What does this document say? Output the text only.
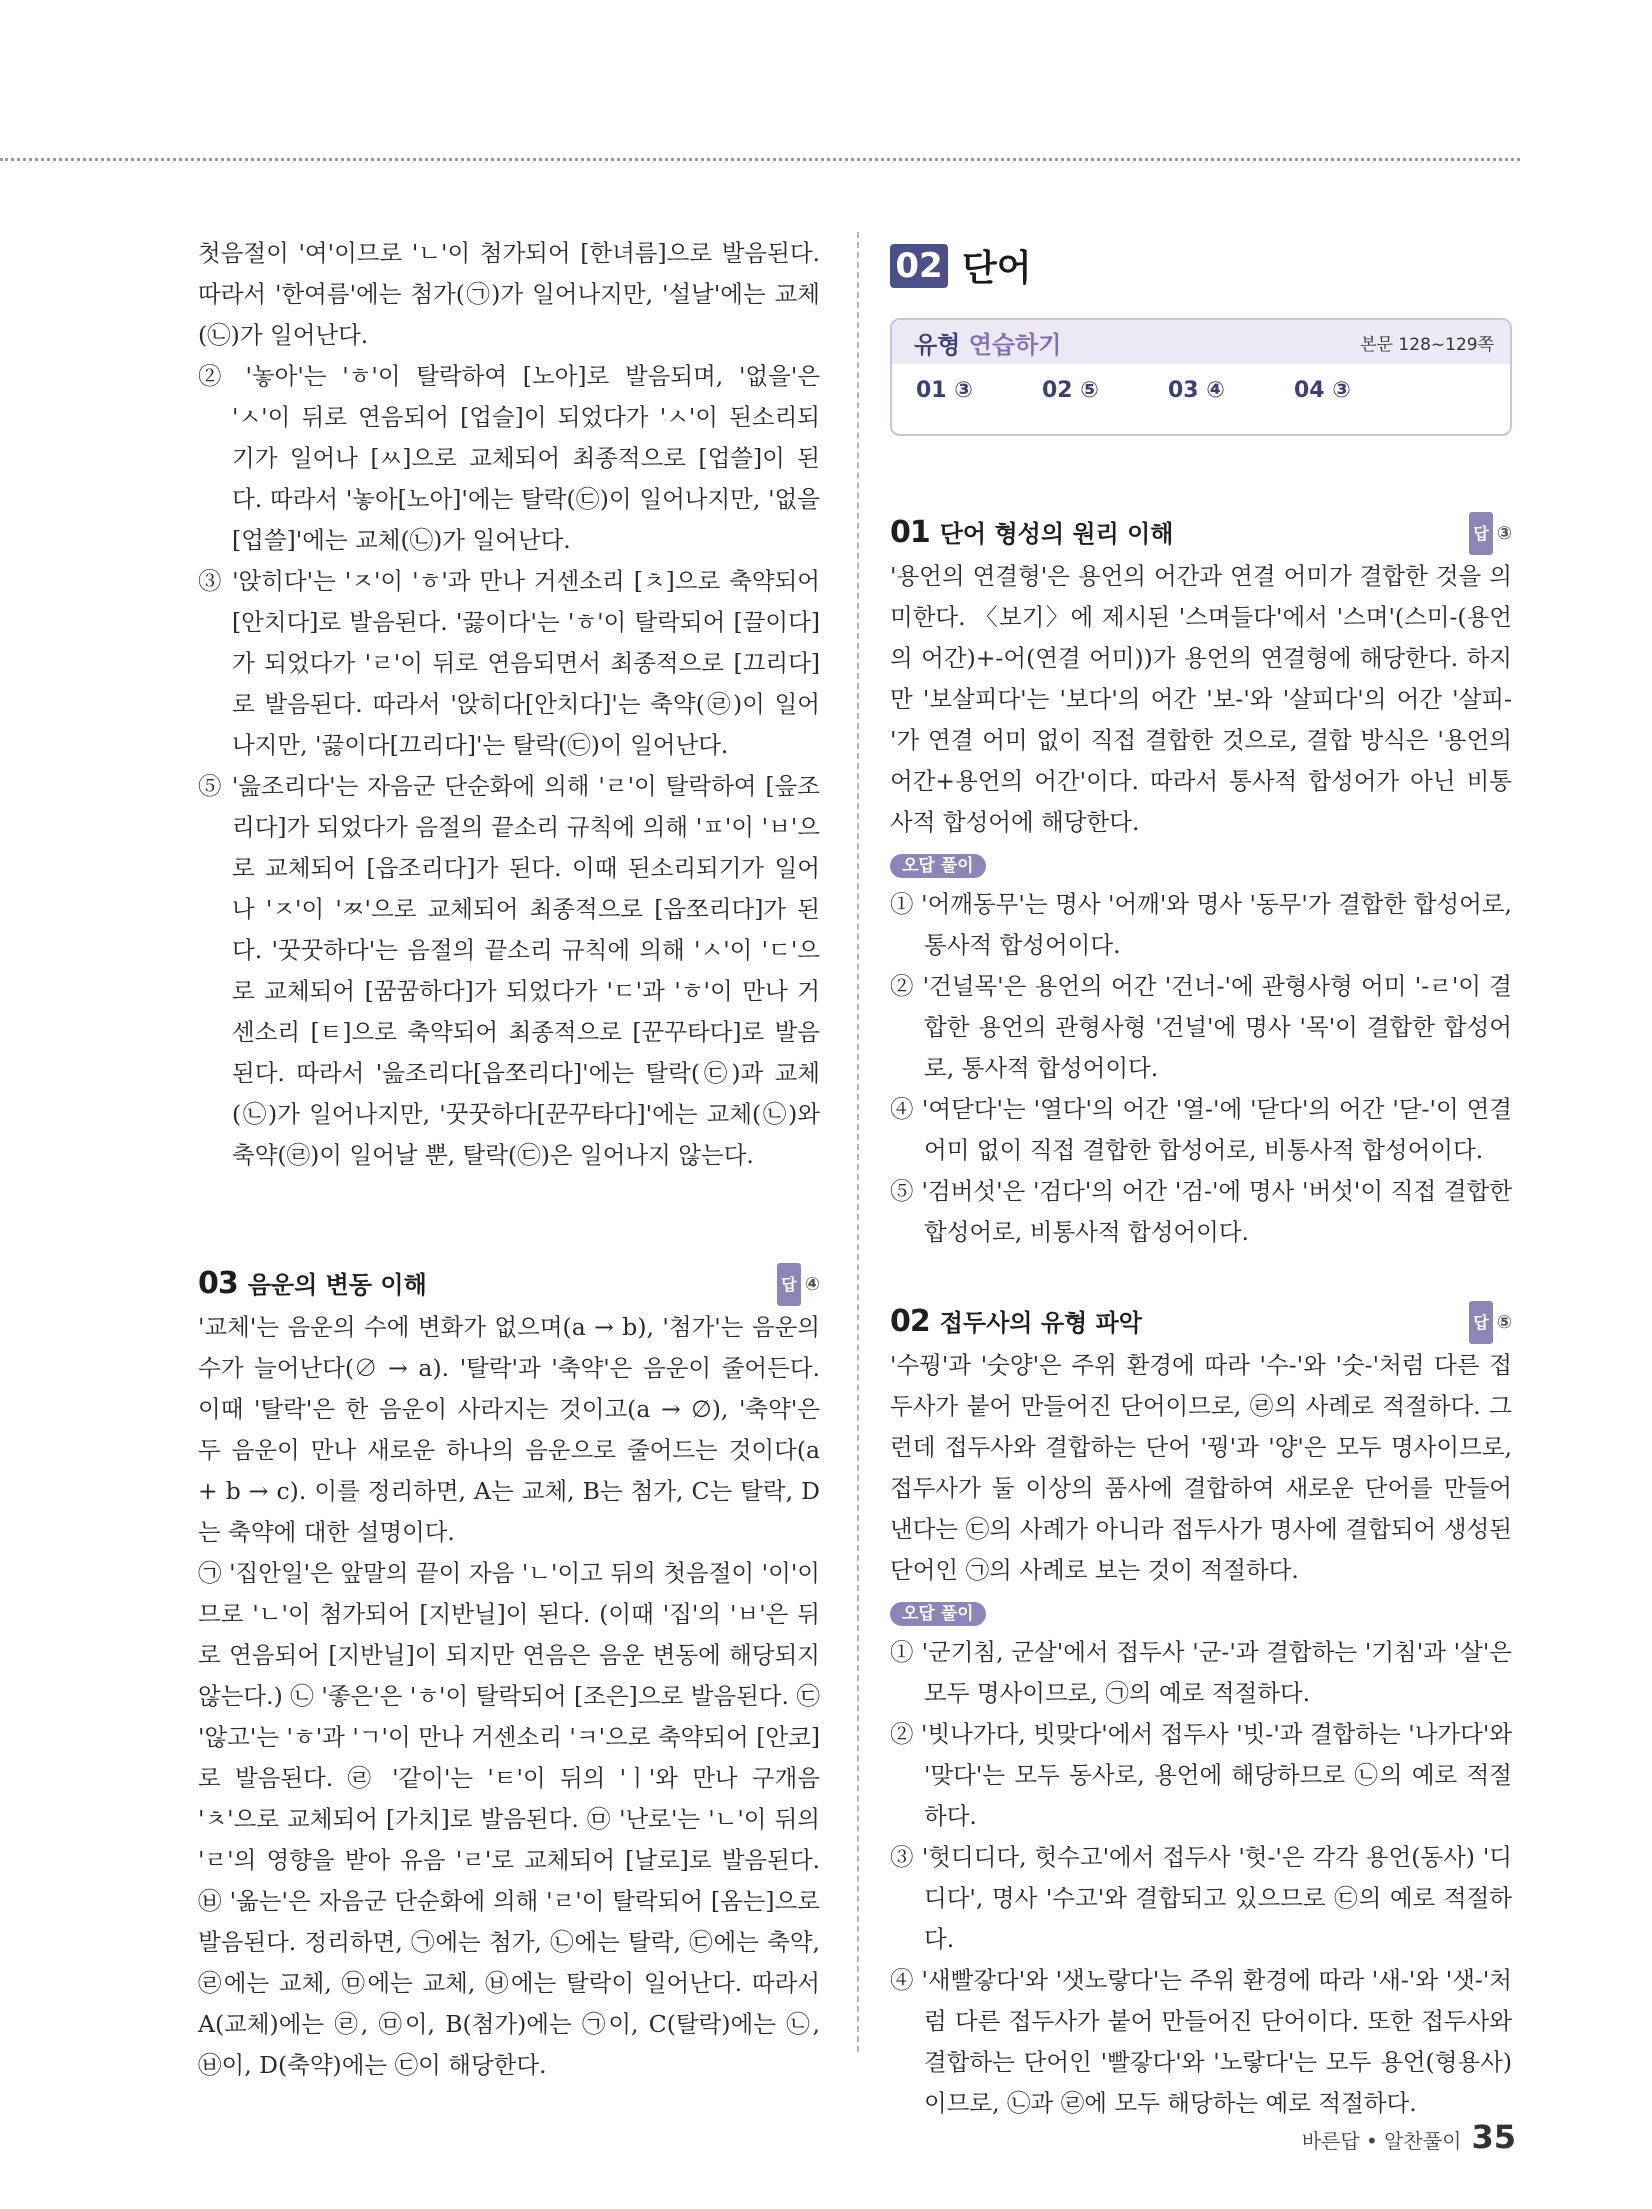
첫음절이 '여'이므로 'ㄴ'이 첨가되어 [한녀름]으로 발음된다. 따라서 '한여름'에는 첨가(㉠)가 일어나지만, '설날'에는 교체(㉡)가 일어난다.

② '놓아'는 'ㅎ'이 탈락하여 [노아]로 발음되며, '없을'은 'ㅅ'이 뒤로 연음되어 [업슬]이 되었다가 'ㅅ'이 된소리되기가 일어나 [ㅆ]으로 교체되어 최종적으로 [업쓸]이 된다. 따라서 '놓아[노아]'에는 탈락(㉢)이 일어나지만, '없을[업쓸]'에는 교체(㉡)가 일어난다.

③ '앉히다'는 'ㅈ'이 'ㅎ'과 만나 거센소리 [ㅊ]으로 축약되어 [안치다]로 발음된다. '끓이다'는 'ㅎ'이 탈락되어 [끌이다]가 되었다가 'ㄹ'이 뒤로 연음되면서 최종적으로 [끄리다]로 발음된다. 따라서 '앉히다[안치다]'는 축약(㉣)이 일어나지만, '끓이다[끄리다]'는 탈락(㉢)이 일어난다.

⑤ '읊조리다'는 자음군 단순화에 의해 'ㄹ'이 탈락하여 [읖조리다]가 되었다가 음절의 끝소리 규칙에 의해 'ㅍ'이 'ㅂ'으로 교체되어 [읍조리다]가 된다. 이때 된소리되기가 일어나 'ㅈ'이 'ㅉ'으로 교체되어 최종적으로 [읍쪼리다]가 된다. '꿋꿋하다'는 음절의 끝소리 규칙에 의해 'ㅅ'이 'ㄷ'으로 교체되어 [꿈꿈하다]가 되었다가 'ㄷ'과 'ㅎ'이 만나 거센소리 [ㅌ]으로 축약되어 최종적으로 [꾼꾸타다]로 발음된다. 따라서 '읊조리다[읍쪼리다]'에는 탈락(㉢)과 교체(㉡)가 일어나지만, '꿋꿋하다[꾼꾸타다]'에는 교체(㉡)와 축약(㉣)이 일어날 뿐, 탈락(㉢)은 일어나지 않는다.

03 음운의 변동 이해	답 ④

'교체'는 음운의 수에 변화가 없으며(a → b), '첨가'는 음운의 수가 늘어난다(∅ → a). '탈락'과 '축약'은 음운이 줄어든다. 이때 '탈락'은 한 음운이 사라지는 것이고(a → ∅), '축약'은 두 음운이 만나 새로운 하나의 음운으로 줄어드는 것이다(a + b → c). 이를 정리하면, A는 교체, B는 첨가, C는 탈락, D는 축약에 대한 설명이다.

㉠ '집안일'은 앞말의 끝이 자음 'ㄴ'이고 뒤의 첫음절이 '이'이므로 'ㄴ'이 첨가되어 [지반닐]이 된다. (이때 '집'의 'ㅂ'은 뒤로 연음되어 [지반닐]이 되지만 연음은 음운 변동에 해당되지 않는다.) ㉡ '좋은'은 'ㅎ'이 탈락되어 [조은]으로 발음된다. ㉢ '않고'는 'ㅎ'과 'ㄱ'이 만나 거센소리 'ㅋ'으로 축약되어 [안코]로 발음된다. ㉣ '같이'는 'ㅌ'이 뒤의 'ㅣ'와 만나 구개음 'ㅊ'으로 교체되어 [가치]로 발음된다. ㉤ '난로'는 'ㄴ'이 뒤의 'ㄹ'의 영향을 받아 유음 'ㄹ'로 교체되어 [날로]로 발음된다. ㉥ '옮는'은 자음군 단순화에 의해 'ㄹ'이 탈락되어 [옴는]으로 발음된다. 정리하면, ㉠에는 첨가, ㉡에는 탈락, ㉢에는 축약, ㉣에는 교체, ㉤에는 교체, ㉥에는 탈락이 일어난다. 따라서 A(교체)에는 ㉣, ㉤이, B(첨가)에는 ㉠이, C(탈락)에는 ㉡, ㉥이, D(축약)에는 ㉢이 해당한다.

02 단어
유형 연습하기	본문 128~129쪽
01 ③	02 ⑤	03 ④	04 ③
01 단어 형성의 원리 이해	답 ③

'용언의 연결형'은 용언의 어간과 연결 어미가 결합한 것을 의미한다. 〈보기〉에 제시된 '스며들다'에서 '스며'(스미-(용언의 어간)+-어(연결 어미))가 용언의 연결형에 해당한다. 하지만 '보살피다'는 '보다'의 어간 '보-'와 '살피다'의 어간 '살피-'가 연결 어미 없이 직접 결합한 것으로, 결합 방식은 '용언의 어간+용언의 어간'이다. 따라서 통사적 합성어가 아닌 비통사적 합성어에 해당한다.

오답 풀이

① '어깨동무'는 명사 '어깨'와 명사 '동무'가 결합한 합성어로, 통사적 합성어이다.

② '건널목'은 용언의 어간 '건너-'에 관형사형 어미 '-ㄹ'이 결합한 용언의 관형사형 '건널'에 명사 '목'이 결합한 합성어로, 통사적 합성어이다.

④ '여닫다'는 '열다'의 어간 '열-'에 '닫다'의 어간 '닫-'이 연결 어미 없이 직접 결합한 합성어로, 비통사적 합성어이다.

⑤ '검버섯'은 '검다'의 어간 '검-'에 명사 '버섯'이 직접 결합한 합성어로, 비통사적 합성어이다.

02 접두사의 유형 파악	답 ⑤

'수꿩'과 '숫양'은 주위 환경에 따라 '수-'와 '숫-'처럼 다른 접두사가 붙어 만들어진 단어이므로, ㉣의 사례로 적절하다. 그런데 접두사와 결합하는 단어 '꿩'과 '양'은 모두 명사이므로, 접두사가 둘 이상의 품사에 결합하여 새로운 단어를 만들어 낸다는 ㉢의 사례가 아니라 접두사가 명사에 결합되어 생성된 단어인 ㉠의 사례로 보는 것이 적절하다.

오답 풀이

① '군기침, 군살'에서 접두사 '군-'과 결합하는 '기침'과 '살'은 모두 명사이므로, ㉠의 예로 적절하다.

② '빗나가다, 빗맞다'에서 접두사 '빗-'과 결합하는 '나가다'와 '맞다'는 모두 동사로, 용언에 해당하므로 ㉡의 예로 적절하다.

③ '헛디디다, 헛수고'에서 접두사 '헛-'은 각각 용언(동사) '디디다', 명사 '수고'와 결합되고 있으므로 ㉢의 예로 적절하다.

④ '새빨갛다'와 '샛노랗다'는 주위 환경에 따라 '새-'와 '샛-'처럼 다른 접두사가 붙어 만들어진 단어이다. 또한 접두사와 결합하는 단어인 '빨갛다'와 '노랗다'는 모두 용언(형용사)이므로, ㉡과 ㉣에 모두 해당하는 예로 적절하다.

바른답 • 알찬풀이 35
